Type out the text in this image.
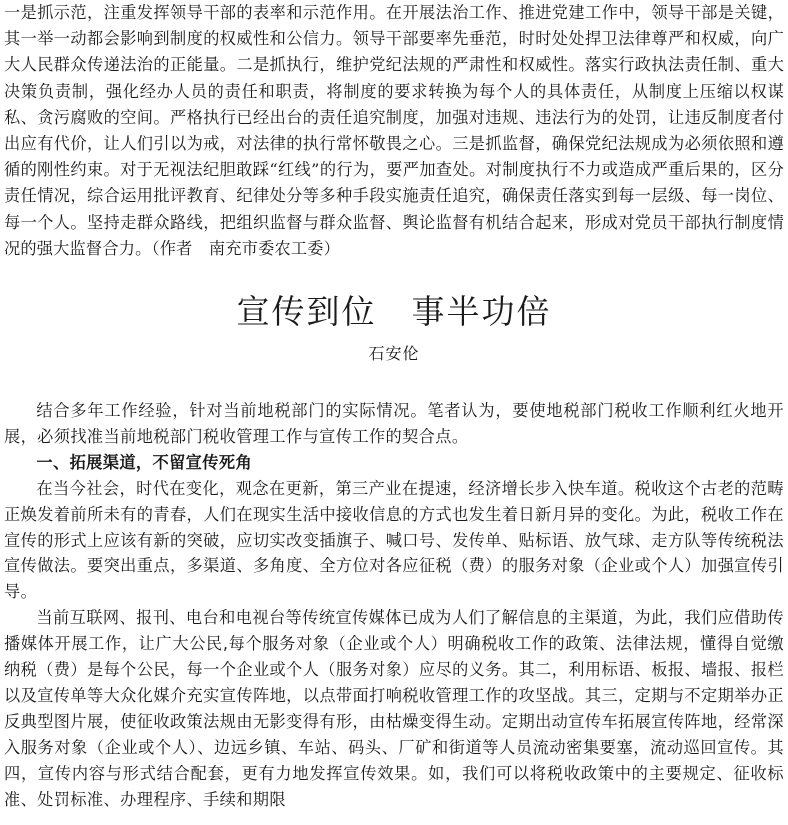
一是抓示范，注重发挥领导干部的表率和示范作用。在开展法治工作、推进党建工作中，领导干部是关键，其一举一动都会影响到制度的权威性和公信力。领导干部要率先垂范，时时处处捍卫法律尊严和权威，向广大人民群众传递法治的正能量。二是抓执行，维护党纪法规的严肃性和权威性。落实行政执法责任制、重大决策负责制，强化经办人员的责任和职责，将制度的要求转换为每个人的具体责任，从制度上压缩以权谋私、贪污腐败的空间。严格执行已经出台的责任追究制度，加强对违规、违法行为的处罚，让违反制度者付出应有代价，让人们引以为戒，对法律的执行常怀敬畏之心。三是抓监督，确保党纪法规成为必须依照和遵循的刚性约束。对于无视法纪胆敢踩“红线”的行为，要严加查处。对制度执行不力或造成严重后果的，区分责任情况，综合运用批评教育、纪律处分等多种手段实施责任追究，确保责任落实到每一层级、每一岗位、每一个人。坚持走群众路线，把组织监督与群众监督、舆论监督有机结合起来，形成对党员干部执行制度情况的强大监督合力。（作者　南充市委农工委）
宣传到位　事半功倍
石安伦

结合多年工作经验，针对当前地税部门的实际情况。笔者认为，要使地税部门税收工作顺利红火地开展，必须找准当前地税部门税收管理工作与宣传工作的契合点。

一、拓展渠道，不留宣传死角

在当今社会，时代在变化，观念在更新，第三产业在提速，经济增长步入快车道。税收这个古老的范畴正焕发着前所未有的青春，人们在现实生活中接收信息的方式也发生着日新月异的变化。为此，税收工作在宣传的形式上应该有新的突破，应切实改变插旗子、喊口号、发传单、贴标语、放气球、走方队等传统税法宣传做法。要突出重点，多渠道、多角度、全方位对各应征税（费）的服务对象（企业或个人）加强宣传引导。

当前互联网、报刊、电台和电视台等传统宣传媒体已成为人们了解信息的主渠道，为此，我们应借助传播媒体开展工作，让广大公民,每个服务对象（企业或个人）明确税收工作的政策、法律法规，懂得自觉缴纳税（费）是每个公民，每一个企业或个人（服务对象）应尽的义务。其二，利用标语、板报、墙报、报栏以及宣传单等大众化媒介充实宣传阵地，以点带面打响税收管理工作的攻坚战。其三，定期与不定期举办正反典型图片展，使征收政策法规由无影变得有形，由枯燥变得生动。定期出动宣传车拓展宣传阵地，经常深入服务对象（企业或个人）、边远乡镇、车站、码头、厂矿和街道等人员流动密集要塞，流动巡回宣传。其四，宣传内容与形式结合配套，更有力地发挥宣传效果。如，我们可以将税收政策中的主要规定、征收标准、处罚标准、办理程序、手续和期限
